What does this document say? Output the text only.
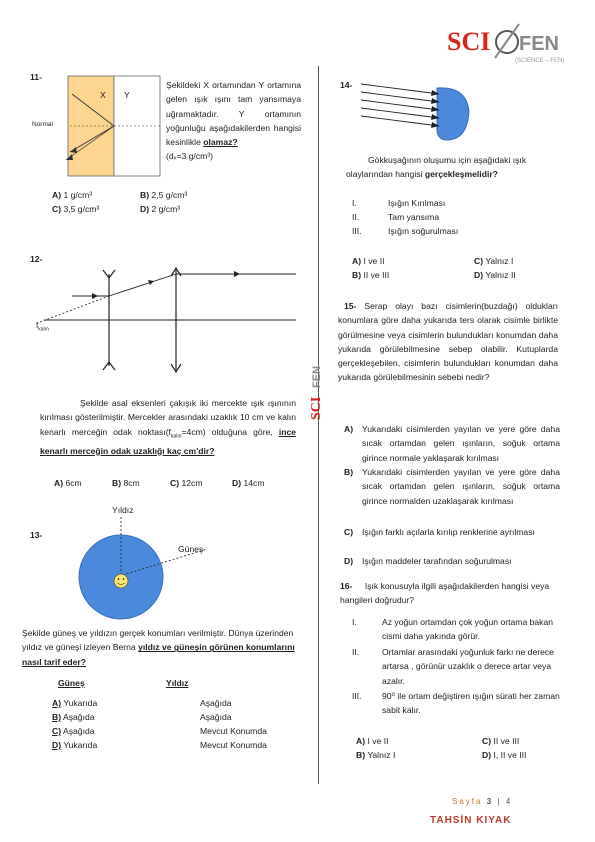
SCI FEN
(SCIENCE – FEN)
SCI
FEN
11-
X Y
Normal
Şekildeki X ortamından Y ortamına gelen ışık ışını tam yansımaya uğramaktadır. Y ortamının yoğunluğu aşağıdakilerden hangisi kesinlikle olamaz?
(dₓ=3 g/cm³)
A) 1 g/cm³	B) 2,5 g/cm³
C) 3,5 g/cm³	D) 2 g/cm³
12-
$f_{kalın}$
Şekilde asal eksenleri çakışık iki mercekte ışık ışınının kırılması gösterilmiştir. Mercekler arasındaki uzaklık 10 cm ve kalın kenarlı merceğin odak $noktası(f_{kalın}=4cm)$ olduğuna göre, ince kenarlı merceğin odak uzaklığı kaç cm'dir?
A) 6cm	B) 8cm	C) 12cm	D) 14cm
13-
Yıldız
Güneş
Şekilde güneş ve yıldızın gerçek konumları verilmiştir. Dünya üzerinden yıldız ve güneşi izleyen Berna yıldız ve güneşin görünen konumlarını nasıl tarif eder?
Güneş	Yıldız
A) Yukarıda	Aşağıda
B) Aşağıda	Aşağıda
C) Aşağıda	Mevcut Konumda
D) Yukarıda	Mevcut Konumda
14-
Gökkuşağının oluşumu için aşağıdaki ışık olaylarından hangisi gerçekleşmelidir?
I.	Işığın Kırılması
II.	Tam yansıma
III.	Işığın soğurulması
A) I ve II	C) Yalnız I
B) II ve III	D) Yalnız II
15- Serap olayı bazı cisimlerin(buzdağı) oldukları konumlara göre daha yukarıda ters olarak cisimle birlikte görülmesine veya cisimlerin bulundukları konumdan daha yukarıda görülebilmesine sebep olabilir. Kutuplarda gerçekleşebilen, cisimlerin bulundukları konumdan daha yukarıda görülebilmesinin sebebi nedir?
A) Yukarıdaki cisimlerden yayılan ve yere göre daha sıcak ortamdan gelen ışınların, soğuk ortama girince normale yaklaşarak kırılması
B) Yukarıdaki cisimlerden yayılan ve yere göre daha sıcak ortamdan gelen ışınların, soğuk ortama girince normalden uzaklaşarak kırılması
C) Işığın farklı açılarla kırılıp renklerine ayrılması
D) Işığın maddeler tarafından soğurulması
16- Işık konusuyla ilgili aşağıdakilerden hangisi veya hangileri doğrudur?
I.	Az yoğun ortamdan çok yoğun ortama bakan cismi daha yakında görür.
II.	Ortamlar arasındaki yoğunluk farkı ne derece artarsa , görünür uzaklık o derece artar veya azalır.
III. 90⁰ ile ortam değiştiren ışığın sürati her zaman sabit kalır.
A) I ve II	C) II ve III
B) Yalnız I	D) I, II ve III
Sayfa 3 | 4
TAHSİN KIYAK
